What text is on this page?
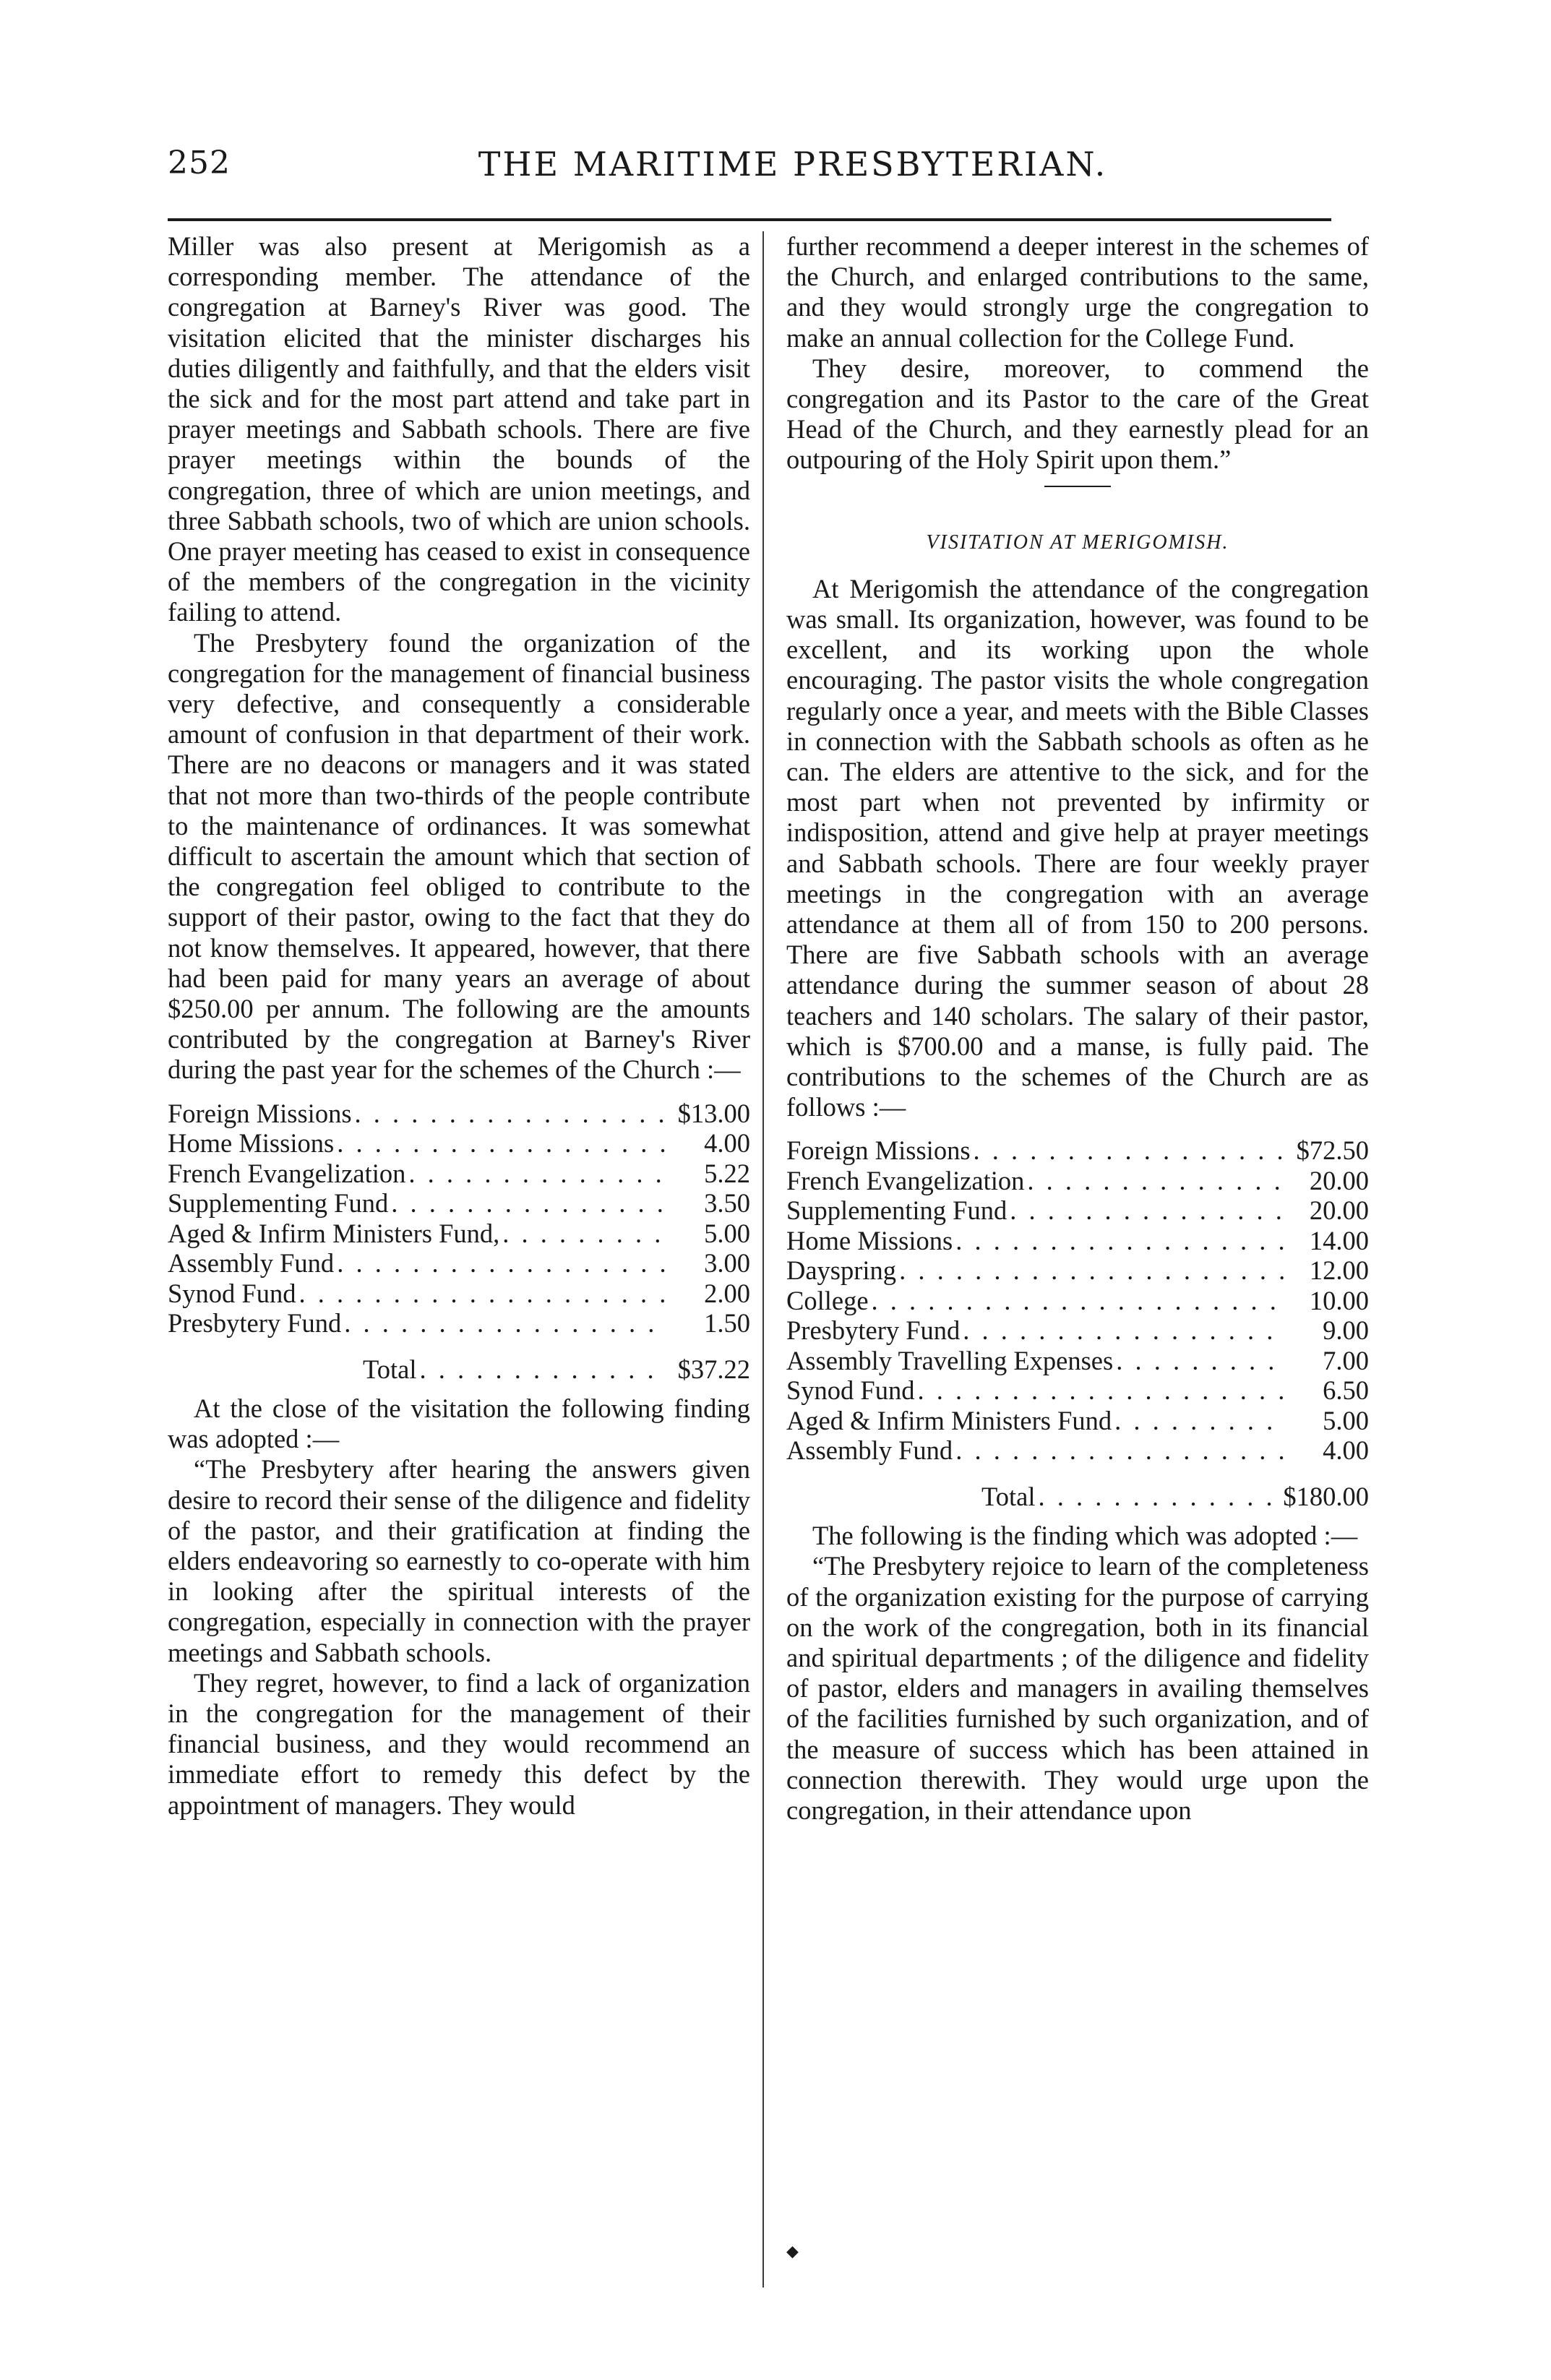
252	THE MARITIME PRESBYTERIAN.

Miller was also present at Merigomish as a corresponding member. The attendance of the congregation at Barney's River was good. The visitation elicited that the minister discharges his duties diligently and faithfully, and that the elders visit the sick and for the most part attend and take part in prayer meetings and Sabbath schools. There are five prayer meetings within the bounds of the congregation, three of which are union meetings, and three Sabbath schools, two of which are union schools. One prayer meeting has ceased to exist in consequence of the members of the congregation in the vicinity failing to attend.

The Presbytery found the organization of the congregation for the management of financial business very defective, and consequently a considerable amount of confusion in that department of their work. There are no deacons or managers and it was stated that not more than two-thirds of the people contribute to the maintenance of ordinances. It was somewhat difficult to ascertain the amount which that section of the congregation feel obliged to contribute to the support of their pastor, owing to the fact that they do not know themselves. It appeared, however, that there had been paid for many years an average of about $250.00 per annum. The following are the amounts contributed by the congregation at Barney's River during the past year for the schemes of the Church :—

Foreign Missions . . .	$13.00
Home Missions . . .	4.00
French Evangelization . . .	5.22
Supplementing Fund . . .	3.50
Aged & Infirm Ministers Fund, . . .	5.00
Assembly Fund . . .	3.00
Synod Fund . . .	2.00
Presbytery Fund . . .	1.50
Total . . .	$37.22

At the close of the visitation the following finding was adopted :—

“The Presbytery after hearing the answers given desire to record their sense of the diligence and fidelity of the pastor, and their gratification at finding the elders endeavoring so earnestly to co-operate with him in looking after the spiritual interests of the congregation, especially in connection with the prayer meetings and Sabbath schools.

They regret, however, to find a lack of organization in the congregation for the management of their financial business, and they would recommend an immediate effort to remedy this defect by the appointment of managers. They would

further recommend a deeper interest in the schemes of the Church, and enlarged contributions to the same, and they would strongly urge the congregation to make an annual collection for the College Fund.

They desire, moreover, to commend the congregation and its Pastor to the care of the Great Head of the Church, and they earnestly plead for an outpouring of the Holy Spirit upon them.”

VISITATION AT MERIGOMISH.

At Merigomish the attendance of the congregation was small. Its organization, however, was found to be excellent, and its working upon the whole encouraging. The pastor visits the whole congregation regularly once a year, and meets with the Bible Classes in connection with the Sabbath schools as often as he can. The elders are attentive to the sick, and for the most part when not prevented by infirmity or indisposition, attend and give help at prayer meetings and Sabbath schools. There are four weekly prayer meetings in the congregation with an average attendance at them all of from 150 to 200 persons. There are five Sabbath schools with an average attendance during the summer season of about 28 teachers and 140 scholars. The salary of their pastor, which is $700.00 and a manse, is fully paid. The contributions to the schemes of the Church are as follows :—

Foreign Missions . . .	$72.50
French Evangelization . . .	20.00
Supplementing Fund . . .	20.00
Home Missions . . .	14.00
Dayspring . . .	12.00
College . . .	10.00
Presbytery Fund . . .	9.00
Assembly Travelling Expenses . . .	7.00
Synod Fund . . .	6.50
Aged & Infirm Ministers Fund . . .	5.00
Assembly Fund . . .	4.00
Total . . .	$180.00

The following is the finding which was adopted :—

“The Presbytery rejoice to learn of the completeness of the organization existing for the purpose of carrying on the work of the congregation, both in its financial and spiritual departments ; of the diligence and fidelity of pastor, elders and managers in availing themselves of the facilities furnished by such organization, and of the measure of success which has been attained in connection therewith. They would urge upon the congregation, in their attendance upon

◆
